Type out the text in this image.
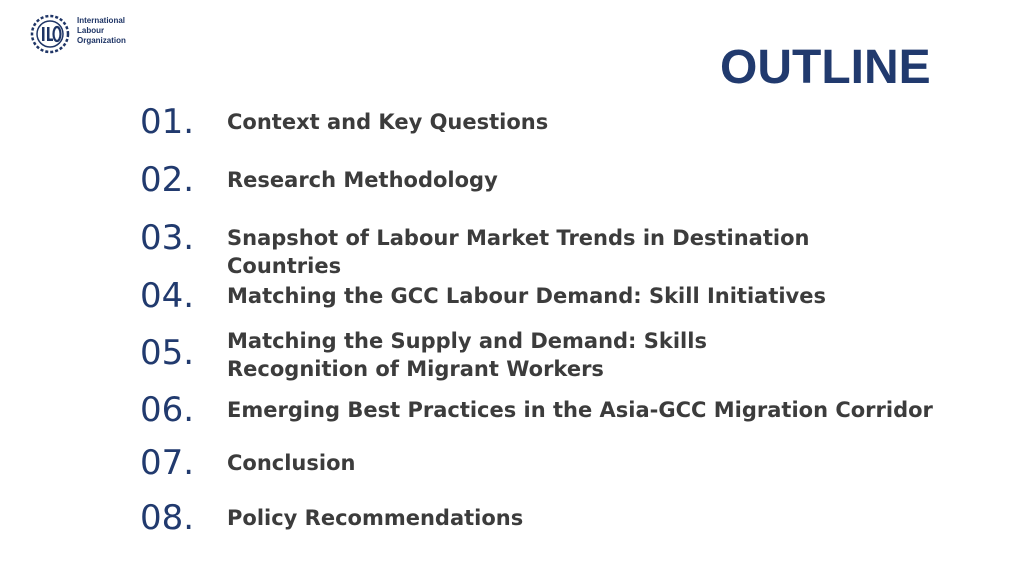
International
Labour
Organization
OUTLINE
01. Context and Key Questions
02. Research Methodology
03. Snapshot of Labour Market Trends in Destination Countries
04. Matching the GCC Labour Demand: Skill Initiatives
05. Matching the Supply and Demand: Skills Recognition of Migrant Workers
06. Emerging Best Practices in the Asia-GCC Migration Corridor
07. Conclusion
08. Policy Recommendations
